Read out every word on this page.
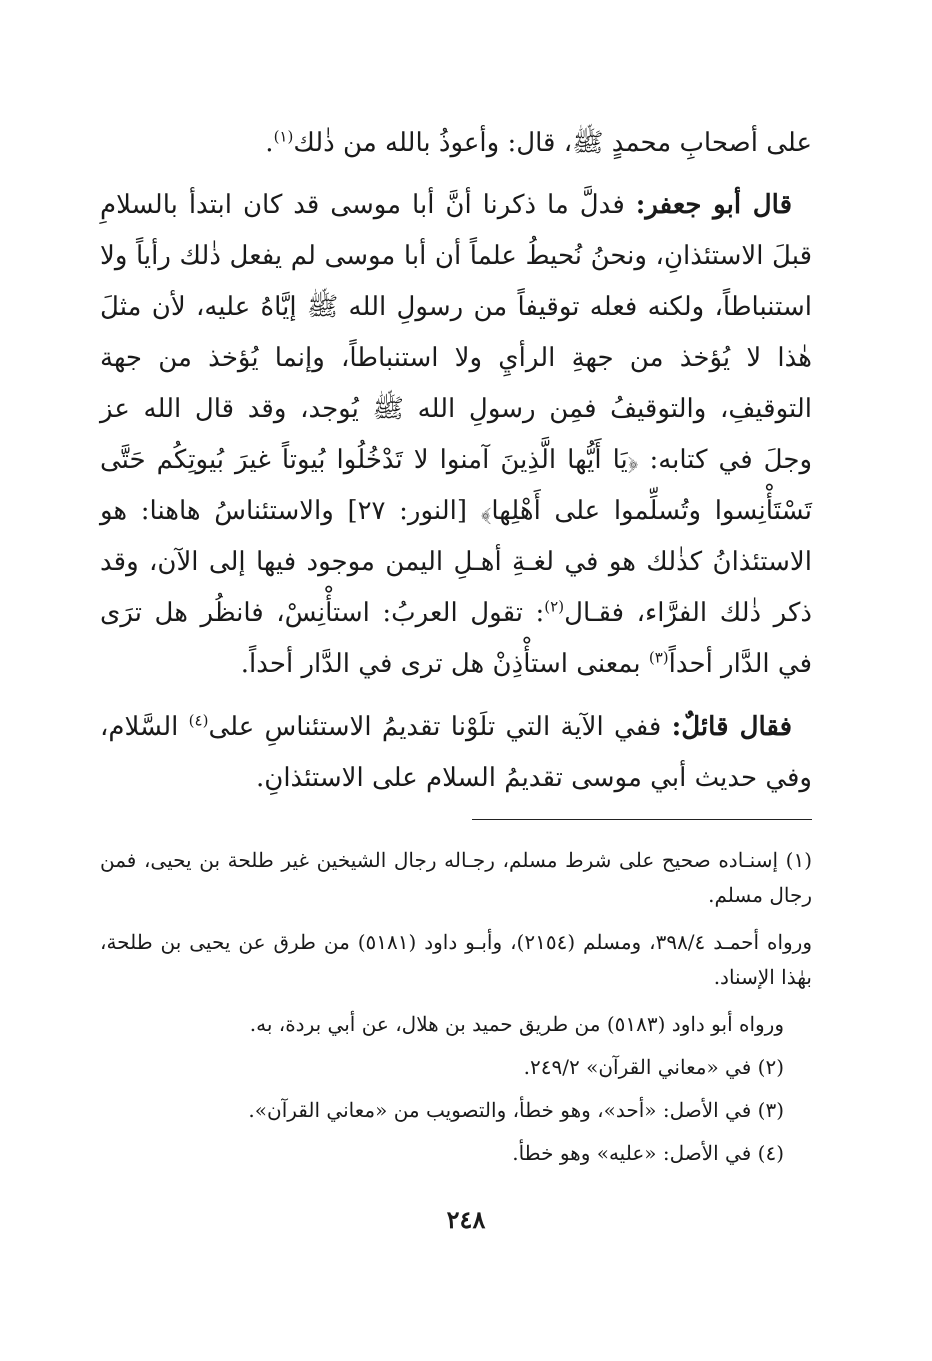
على أصحابِ محمدٍ ﷺ، قال: وأعوذُ بالله من ذٰلك$^{(١)}$.

قال أبو جعفر: فدلَّ ما ذكرنا أنَّ أبا موسى قد كان ابتدأ بالسلامِ قبلَ الاستئذانِ، ونحنُ نُحيطُ علماً أن أبا موسى لم يفعل ذٰلك رأياً ولا استنباطاً، ولكنه فعله توقيفاً من رسولِ الله ﷺ إيَّاهُ عليه، لأن مثلَ هٰذا لا يُؤخذ من جهةِ الرأيِ ولا استنباطاً، وإنما يُؤخذ من جهة التوقيفِ، والتوقيفُ فمِن رسولِ الله ﷺ يُوجد، وقد قال الله عز وجلَ في كتابه: ﴿يَا أَيُّها الَّذِينَ آمنوا لا تَدْخُلُوا بُيوتاً غيرَ بُيوتِكُم حَتَّى تَسْتَأْنِسوا وتُسلِّموا على أَهْلِها﴾ [النور: ٢٧] والاستئناسُ هاهنا: هو الاستئذانُ كذٰلك هو في لغـةِ أهـلِ اليمن موجود فيها إلى الآن، وقد ذكر ذٰلك الفرَّاء، فقـال$^{(٢)}$: تقول العربُ: استأْنِسْ، فانظُر هل ترَى في الدَّار أحداً$^{(٣)}$ بمعنى استأْذِنْ هل ترى في الدَّار أحداً.

فقال قائلٌ: ففي الآية التي تلَوْنا تقديمُ الاستئناسِ على$^{(٤)}$ السَّلام، وفي حديث أبي موسى تقديمُ السلام على الاستئذانِ.

(١) إسنـاده صحيح على شرط مسلم، رجـاله رجال الشيخين غير طلحة بن يحيى، فمن رجال مسلم.

ورواه أحمـد ٣٩٨/٤، ومسلم (٢١٥٤)، وأبـو داود (٥١٨١) من طرق عن يحيى بن طلحة، بهٰذا الإسناد.

ورواه أبو داود (٥١٨٣) من طريق حميد بن هلال، عن أبي بردة، به.

(٢) في «معاني القرآن» ٢٤٩/٢.

(٣) في الأصل: «أحد»، وهو خطأ، والتصويب من «معاني القرآن».

(٤) في الأصل: «عليه» وهو خطأ.

٢٤٨
